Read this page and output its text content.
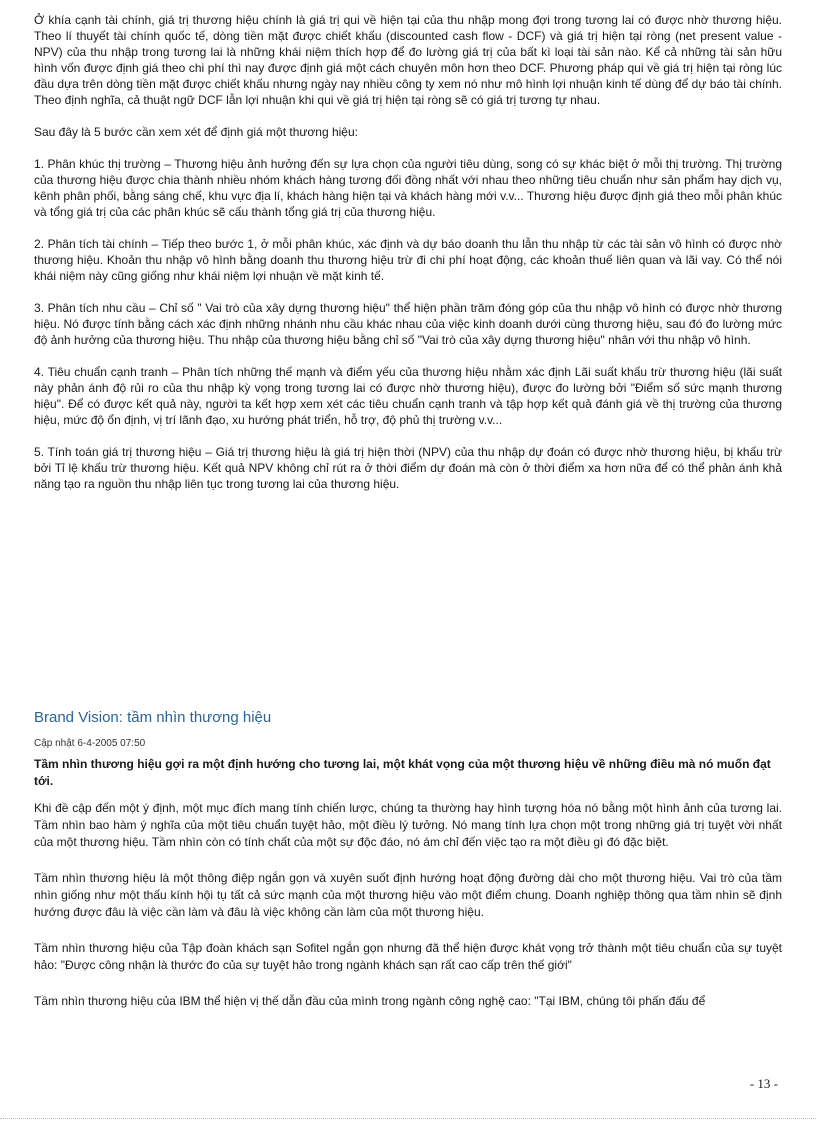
Ở khía cạnh tài chính, giá trị thương hiệu chính là giá trị qui về hiện tại của thu nhập mong đợi trong tương lai có được nhờ thương hiệu. Theo lí thuyết tài chính quốc tế, dòng tiền mặt được chiết khấu (discounted cash flow - DCF) và giá trị hiện tại ròng (net present value - NPV) của thu nhập trong tương lai là những khái niệm thích hợp để đo lường giá trị của bất kì loại tài sản nào. Kể cả những tài sản hữu hình vốn được định giá theo chi phí thì nay được định giá một cách chuyên môn hơn theo DCF. Phương pháp qui về giá trị hiện tại ròng lúc đầu dựa trên dòng tiền mặt được chiết khấu nhưng ngày nay nhiều công ty xem nó như mô hình lợi nhuận kinh tế dùng để dự báo tài chính. Theo định nghĩa, cả thuật ngữ DCF lẫn lợi nhuận khi qui về giá trị hiện tại ròng sẽ có giá trị tương tự nhau.

Sau đây là 5 bước cần xem xét để định giá một thương hiệu:

1. Phân khúc thị trường – Thương hiệu ảnh hưởng đến sự lựa chọn của người tiêu dùng, song có sự khác biệt ở mỗi thị trường. Thị trường của thương hiệu được chia thành nhiều nhóm khách hàng tương đối đồng nhất với nhau theo những tiêu chuẩn như sản phẩm hay dịch vụ, kênh phân phối, bằng sáng chế, khu vực địa lí, khách hàng hiện tại và khách hàng mới v.v... Thương hiệu được định giá theo mỗi phân khúc và tổng giá trị của các phân khúc sẽ cấu thành tổng giá trị của thương hiệu.

2. Phân tích tài chính – Tiếp theo bước 1, ở mỗi phân khúc, xác định và dự báo doanh thu lẫn thu nhập từ các tài sản vô hình có được nhờ thương hiệu. Khoản thu nhập vô hình bằng doanh thu thương hiệu trừ đi chi phí hoạt động, các khoản thuế liên quan và lãi vay. Có thể nói khái niệm này cũng giống như khái niệm lợi nhuận về mặt kinh tế.

3. Phân tích nhu cầu – Chỉ số " Vai trò của xây dựng thương hiệu" thể hiện phần trăm đóng góp của thu nhập vô hình có được nhờ thương hiệu. Nó được tính bằng cách xác định những nhánh nhu cầu khác nhau của việc kinh doanh dưới cùng thương hiệu, sau đó đo lường mức độ ảnh hưởng của thương hiệu. Thu nhập của thương hiệu bằng chỉ số "Vai trò của xây dựng thương hiệu" nhân với thu nhập vô hình.

4. Tiêu chuẩn cạnh tranh – Phân tích những thế mạnh và điểm yếu của thương hiệu nhằm xác định Lãi suất khấu trừ thương hiệu (lãi suất này phản ánh độ rủi ro của thu nhập kỳ vọng trong tương lai có được nhờ thương hiệu), được đo lường bởi "Điểm số sức mạnh thương hiệu". Để có được kết quả này, người ta kết hợp xem xét các tiêu chuẩn cạnh tranh và tập hợp kết quả đánh giá về thị trường của thương hiệu, mức độ ổn định, vị trí lãnh đạo, xu hướng phát triển, hỗ trợ, độ phủ thị trường v.v...

5. Tính toán giá trị thương hiệu – Giá trị thương hiệu là giá trị hiện thời (NPV) của thu nhập dự đoán có được nhờ thương hiệu, bị khấu trừ bởi Tỉ lệ khấu trừ thương hiệu. Kết quả NPV không chỉ rút ra ở thời điểm dự đoán mà còn ở thời điểm xa hơn nữa để có thể phản ánh khả năng tạo ra nguồn thu nhập liên tục trong tương lai của thương hiệu.

Brand Vision: tầm nhìn thương hiệu
Cập nhật 6-4-2005 07:50

Tầm nhìn thương hiệu gợi ra một định hướng cho tương lai, một khát vọng của một thương hiệu về những điều mà nó muốn đạt tới.

Khi đề cập đến một ý định, một mục đích mang tính chiến lược, chúng ta thường hay hình tượng hóa nó bằng một hình ảnh của tương lai. Tầm nhìn bao hàm ý nghĩa của một tiêu chuẩn tuyệt hảo, một điều lý tưởng. Nó mang tính lựa chọn một trong những giá trị tuyệt vời nhất của một thương hiệu. Tầm nhìn còn có tính chất của một sự độc đáo, nó ám chỉ đến việc tạo ra một điều gì đó đặc biệt.

Tầm nhìn thương hiệu là một thông điệp ngắn gọn và xuyên suốt định hướng hoạt động đường dài cho một thương hiệu. Vai trò của tầm nhìn giống như một thấu kính hội tụ tất cả sức mạnh của một thương hiệu vào một điểm chung. Doanh nghiệp thông qua tầm nhìn sẽ định hướng được đâu là việc cần làm và đâu là việc không cần làm của một thương hiệu.

Tầm nhìn thương hiệu của Tập đoàn khách sạn Sofitel ngắn gọn nhưng đã thể hiện được khát vọng trở thành một tiêu chuẩn của sự tuyệt hảo: "Được công nhận là thước đo của sự tuyệt hảo trong ngành khách sạn rất cao cấp trên thế giới"

Tầm nhìn thương hiệu của IBM thể hiện vị thế dẫn đầu của mình trong ngành công nghệ cao: "Tại IBM, chúng tôi phấn đấu để

- 13 -
